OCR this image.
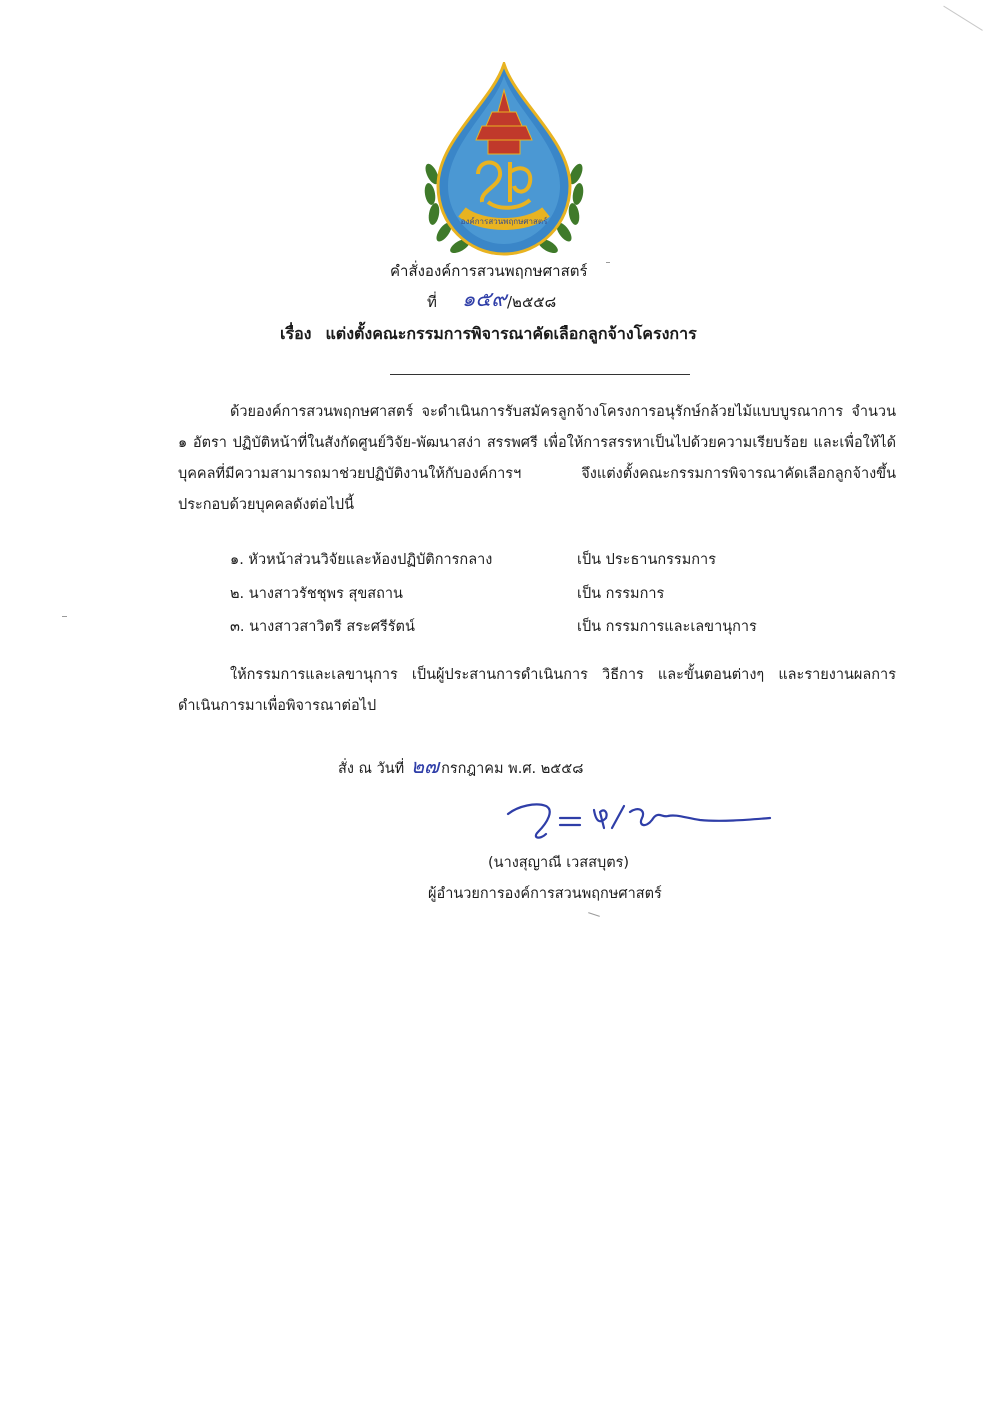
องค์การสวนพฤกษศาสตร์
คำสั่งองค์การสวนพฤกษศาสตร์
ที่ ๑๕๙ /๒๕๕๘
เรื่อง แต่งตั้งคณะกรรมการพิจารณาคัดเลือกลูกจ้างโครงการ
ด้วยองค์การสวนพฤกษศาสตร์ จะดำเนินการรับสมัครลูกจ้างโครงการอนุรักษ์กล้วยไม้แบบบูรณาการ จำนวน ๑ อัตรา ปฏิบัติหน้าที่ในสังกัดศูนย์วิจัย-พัฒนาสง่า สรรพศรี เพื่อให้การสรรหาเป็นไปด้วยความเรียบร้อย และเพื่อให้ได้บุคคลที่มีความสามารถมาช่วยปฏิบัติงานให้กับองค์การฯ จึงแต่งตั้งคณะกรรมการพิจารณาคัดเลือกลูกจ้างขึ้น ประกอบด้วยบุคคลดังต่อไปนี้
๑. หัวหน้าส่วนวิจัยและห้องปฏิบัติการกลาง	เป็น ประธานกรรมการ
๒. นางสาวรัชชุพร สุขสถาน	เป็น กรรมการ
๓. นางสาวสาวิตรี สระศรีรัตน์	เป็น กรรมการและเลขานุการ
ให้กรรมการและเลขานุการ เป็นผู้ประสานการดำเนินการ วิธีการ และขั้นตอนต่างๆ และรายงานผลการดำเนินการมาเพื่อพิจารณาต่อไป
สั่ง ณ วันที่ ๒๗ กรกฎาคม พ.ศ. ๒๕๕๘
(นางสุญาณี เวสสบุตร)
ผู้อำนวยการองค์การสวนพฤกษศาสตร์
